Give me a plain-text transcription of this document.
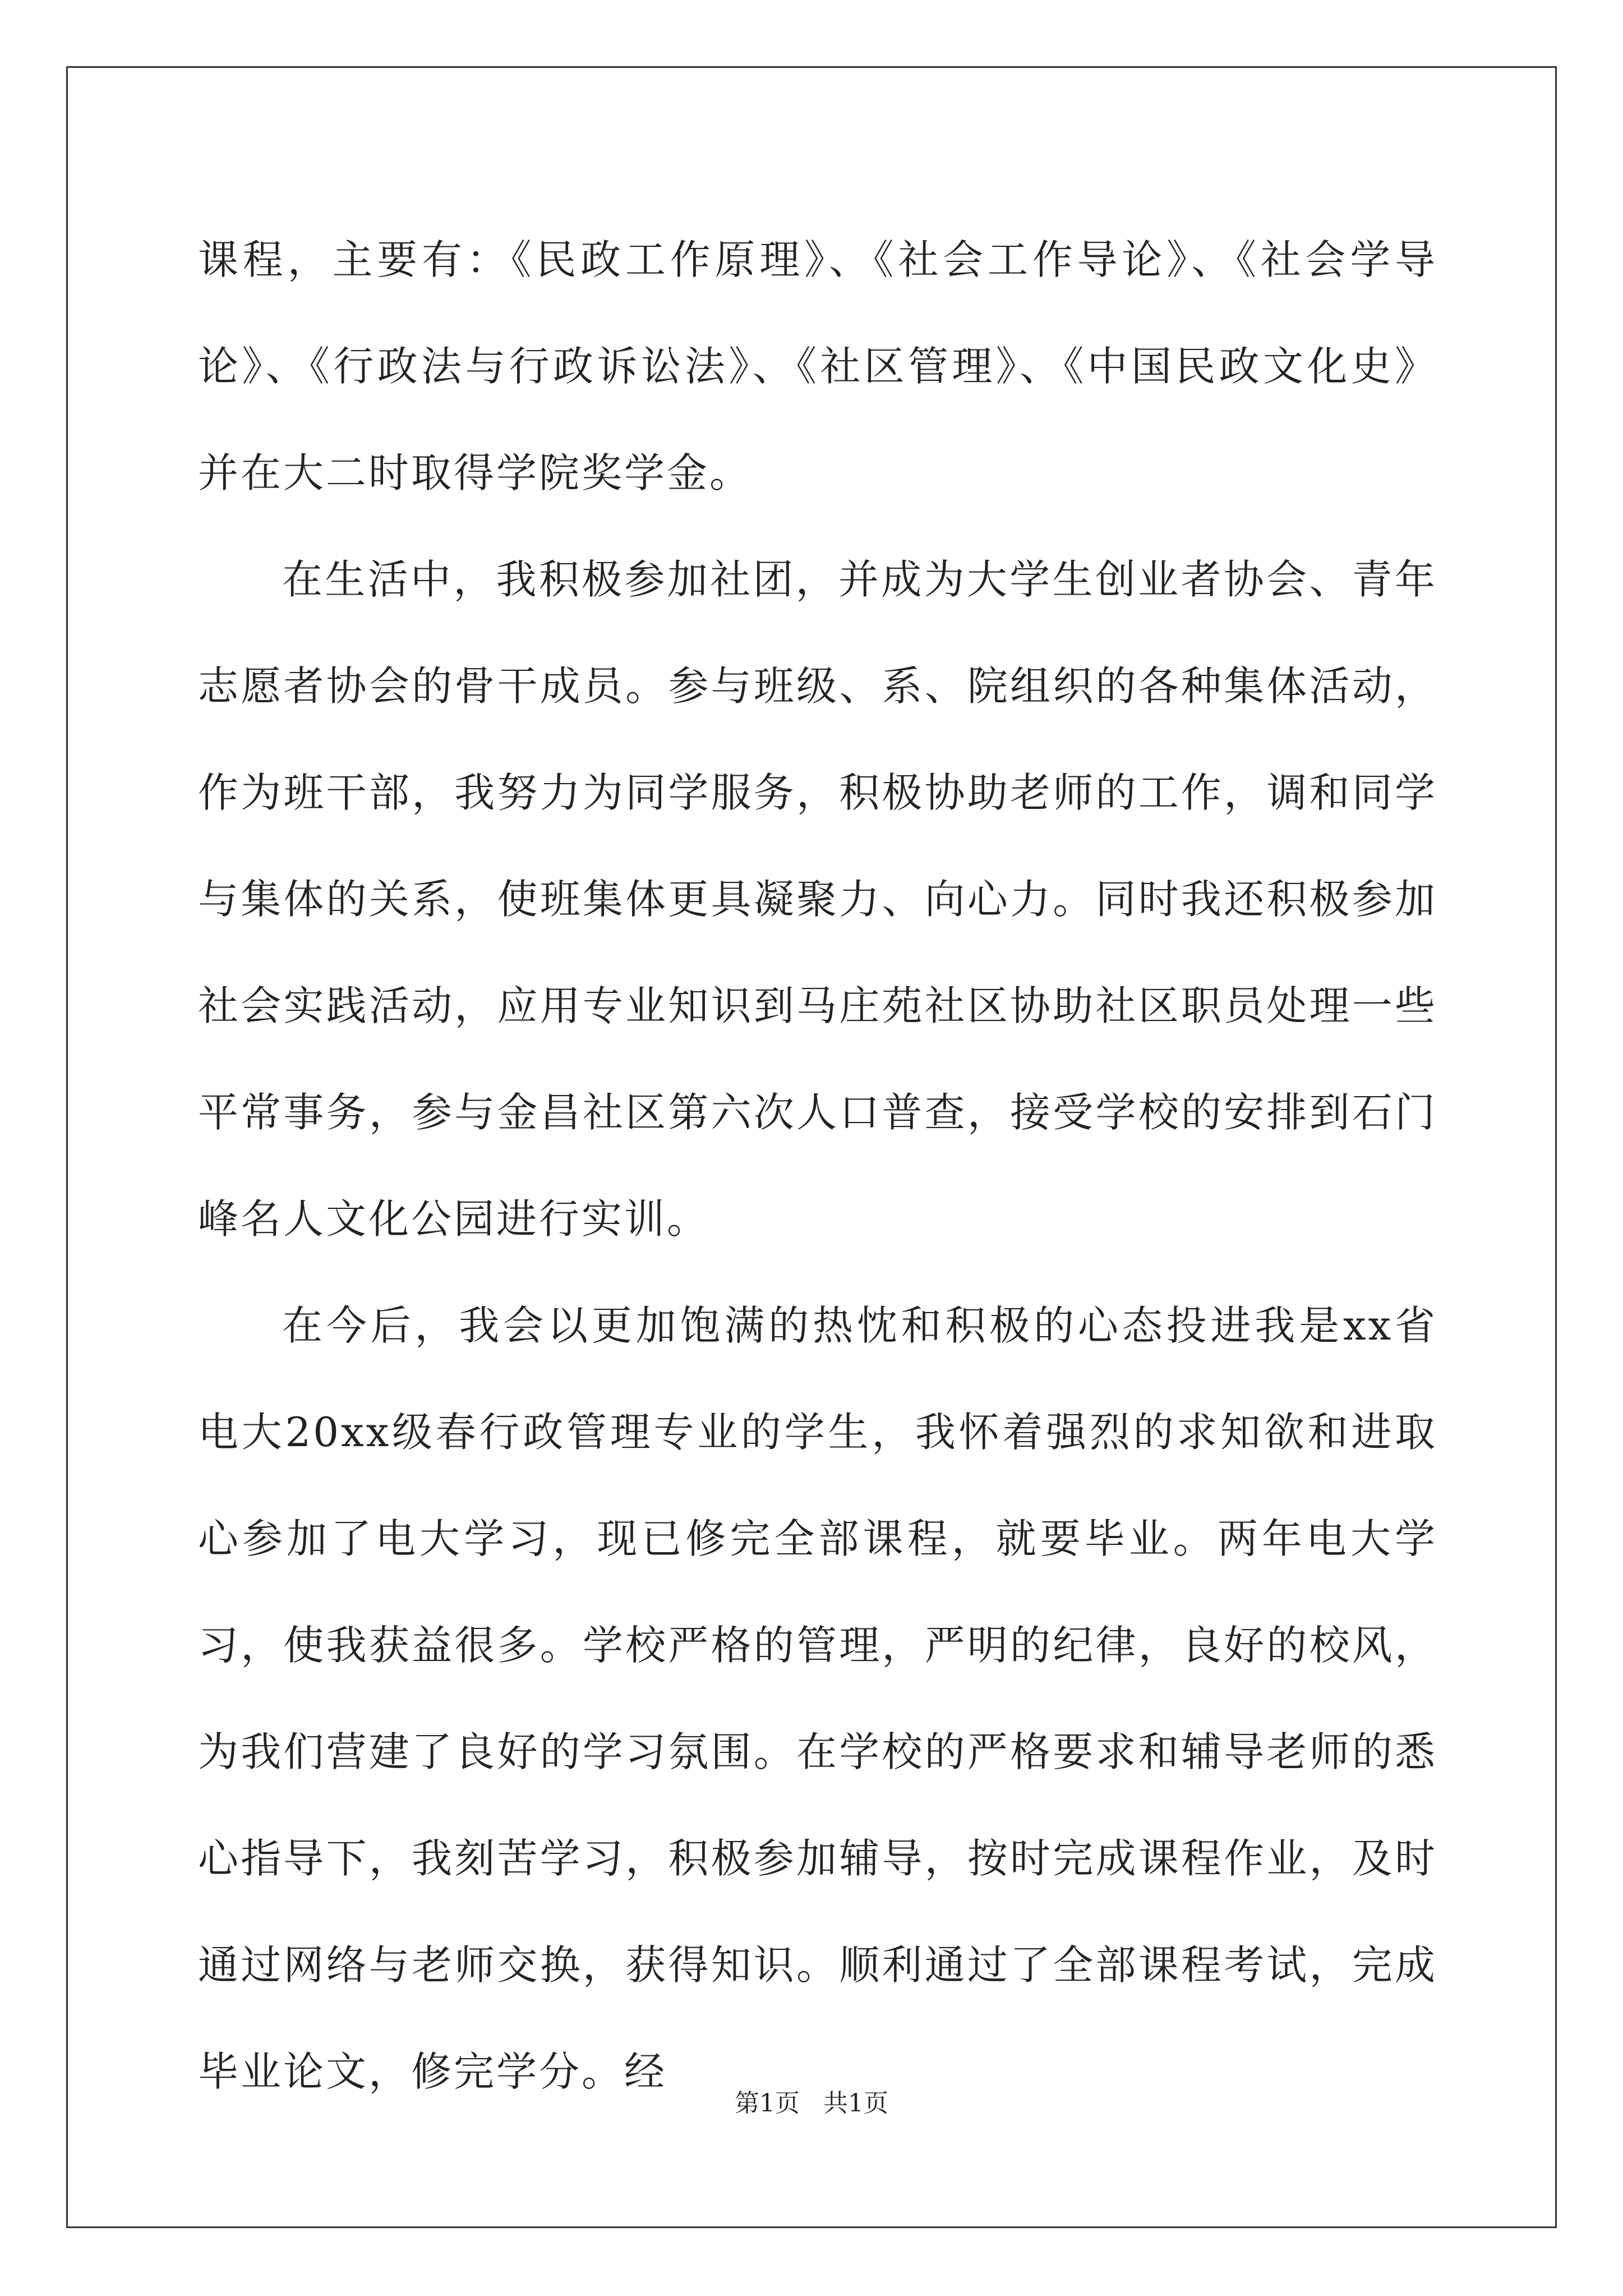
课程，主要有：《民政工作原理》、《社会工作导论》、《社会学导论》、《行政法与行政诉讼法》、《社区管理》、《中国民政文化史》并在大二时取得学院奖学金。

在生活中，我积极参加社团，并成为大学生创业者协会、青年志愿者协会的骨干成员。参与班级、系、院组织的各种集体活动，作为班干部，我努力为同学服务，积极协助老师的工作，调和同学与集体的关系，使班集体更具凝聚力、向心力。同时我还积极参加社会实践活动，应用专业知识到马庄苑社区协助社区职员处理一些平常事务，参与金昌社区第六次人口普查，接受学校的安排到石门峰名人文化公园进行实训。

在今后，我会以更加饱满的热忱和积极的心态投进我是xx省电大20xx级春行政管理专业的学生，我怀着强烈的求知欲和进取心参加了电大学习，现已修完全部课程，就要毕业。两年电大学习，使我获益很多。学校严格的管理，严明的纪律，良好的校风，为我们营建了良好的学习氛围。在学校的严格要求和辅导老师的悉心指导下，我刻苦学习，积极参加辅导，按时完成课程作业，及时通过网络与老师交换，获得知识。顺利通过了全部课程考试，完成毕业论文，修完学分。经

第1页 共1页
